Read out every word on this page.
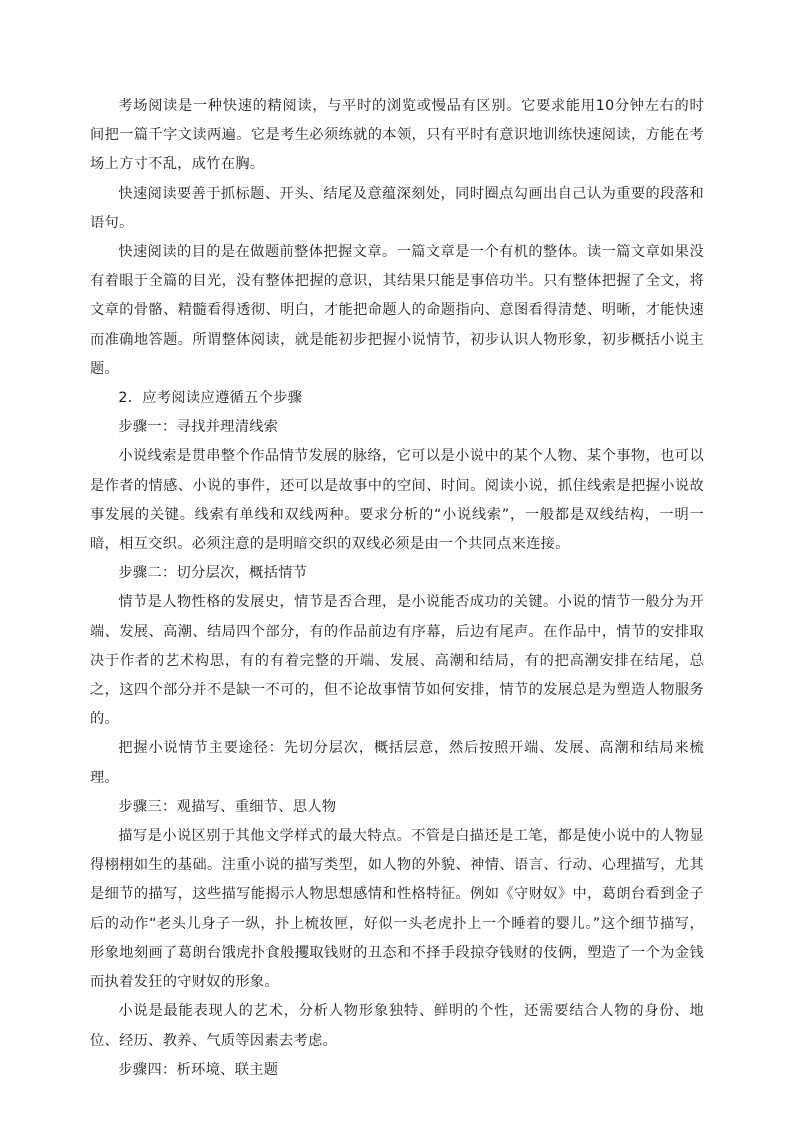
考场阅读是一种快速的精阅读，与平时的浏览或慢品有区别。它要求能用10分钟左右的时间把一篇千字文读两遍。它是考生必须练就的本领，只有平时有意识地训练快速阅读，方能在考场上方寸不乱，成竹在胸。

快速阅读要善于抓标题、开头、结尾及意蕴深刻处，同时圈点勾画出自己认为重要的段落和语句。

快速阅读的目的是在做题前整体把握文章。一篇文章是一个有机的整体。读一篇文章如果没有着眼于全篇的目光，没有整体把握的意识，其结果只能是事倍功半。只有整体把握了全文，将文章的骨骼、精髓看得透彻、明白，才能把命题人的命题指向、意图看得清楚、明晰，才能快速而准确地答题。所谓整体阅读，就是能初步把握小说情节，初步认识人物形象，初步概括小说主题。

2．应考阅读应遵循五个步骤

步骤一：寻找并理清线索

小说线索是贯串整个作品情节发展的脉络，它可以是小说中的某个人物、某个事物，也可以是作者的情感、小说的事件，还可以是故事中的空间、时间。阅读小说，抓住线索是把握小说故事发展的关键。线索有单线和双线两种。要求分析的“小说线索”，一般都是双线结构，一明一暗，相互交织。必须注意的是明暗交织的双线必须是由一个共同点来连接。

步骤二：切分层次，概括情节

情节是人物性格的发展史，情节是否合理，是小说能否成功的关键。小说的情节一般分为开端、发展、高潮、结局四个部分，有的作品前边有序幕，后边有尾声。在作品中，情节的安排取决于作者的艺术构思，有的有着完整的开端、发展、高潮和结局，有的把高潮安排在结尾，总之，这四个部分并不是缺一不可的，但不论故事情节如何安排，情节的发展总是为塑造人物服务的。

把握小说情节主要途径：先切分层次，概括层意，然后按照开端、发展、高潮和结局来梳理。

步骤三：观描写、重细节、思人物

描写是小说区别于其他文学样式的最大特点。不管是白描还是工笔，都是使小说中的人物显得栩栩如生的基础。注重小说的描写类型，如人物的外貌、神情、语言、行动、心理描写，尤其是细节的描写，这些描写能揭示人物思想感情和性格特征。例如《守财奴》中，葛朗台看到金子后的动作“老头儿身子一纵，扑上梳妆匣，好似一头老虎扑上一个睡着的婴儿。”这个细节描写，形象地刻画了葛朗台饿虎扑食般攫取钱财的丑态和不择手段掠夺钱财的伎俩，塑造了一个为金钱而执着发狂的守财奴的形象。

小说是最能表现人的艺术，分析人物形象独特、鲜明的个性，还需要结合人物的身份、地位、经历、教养、气质等因素去考虑。

步骤四：析环境、联主题
